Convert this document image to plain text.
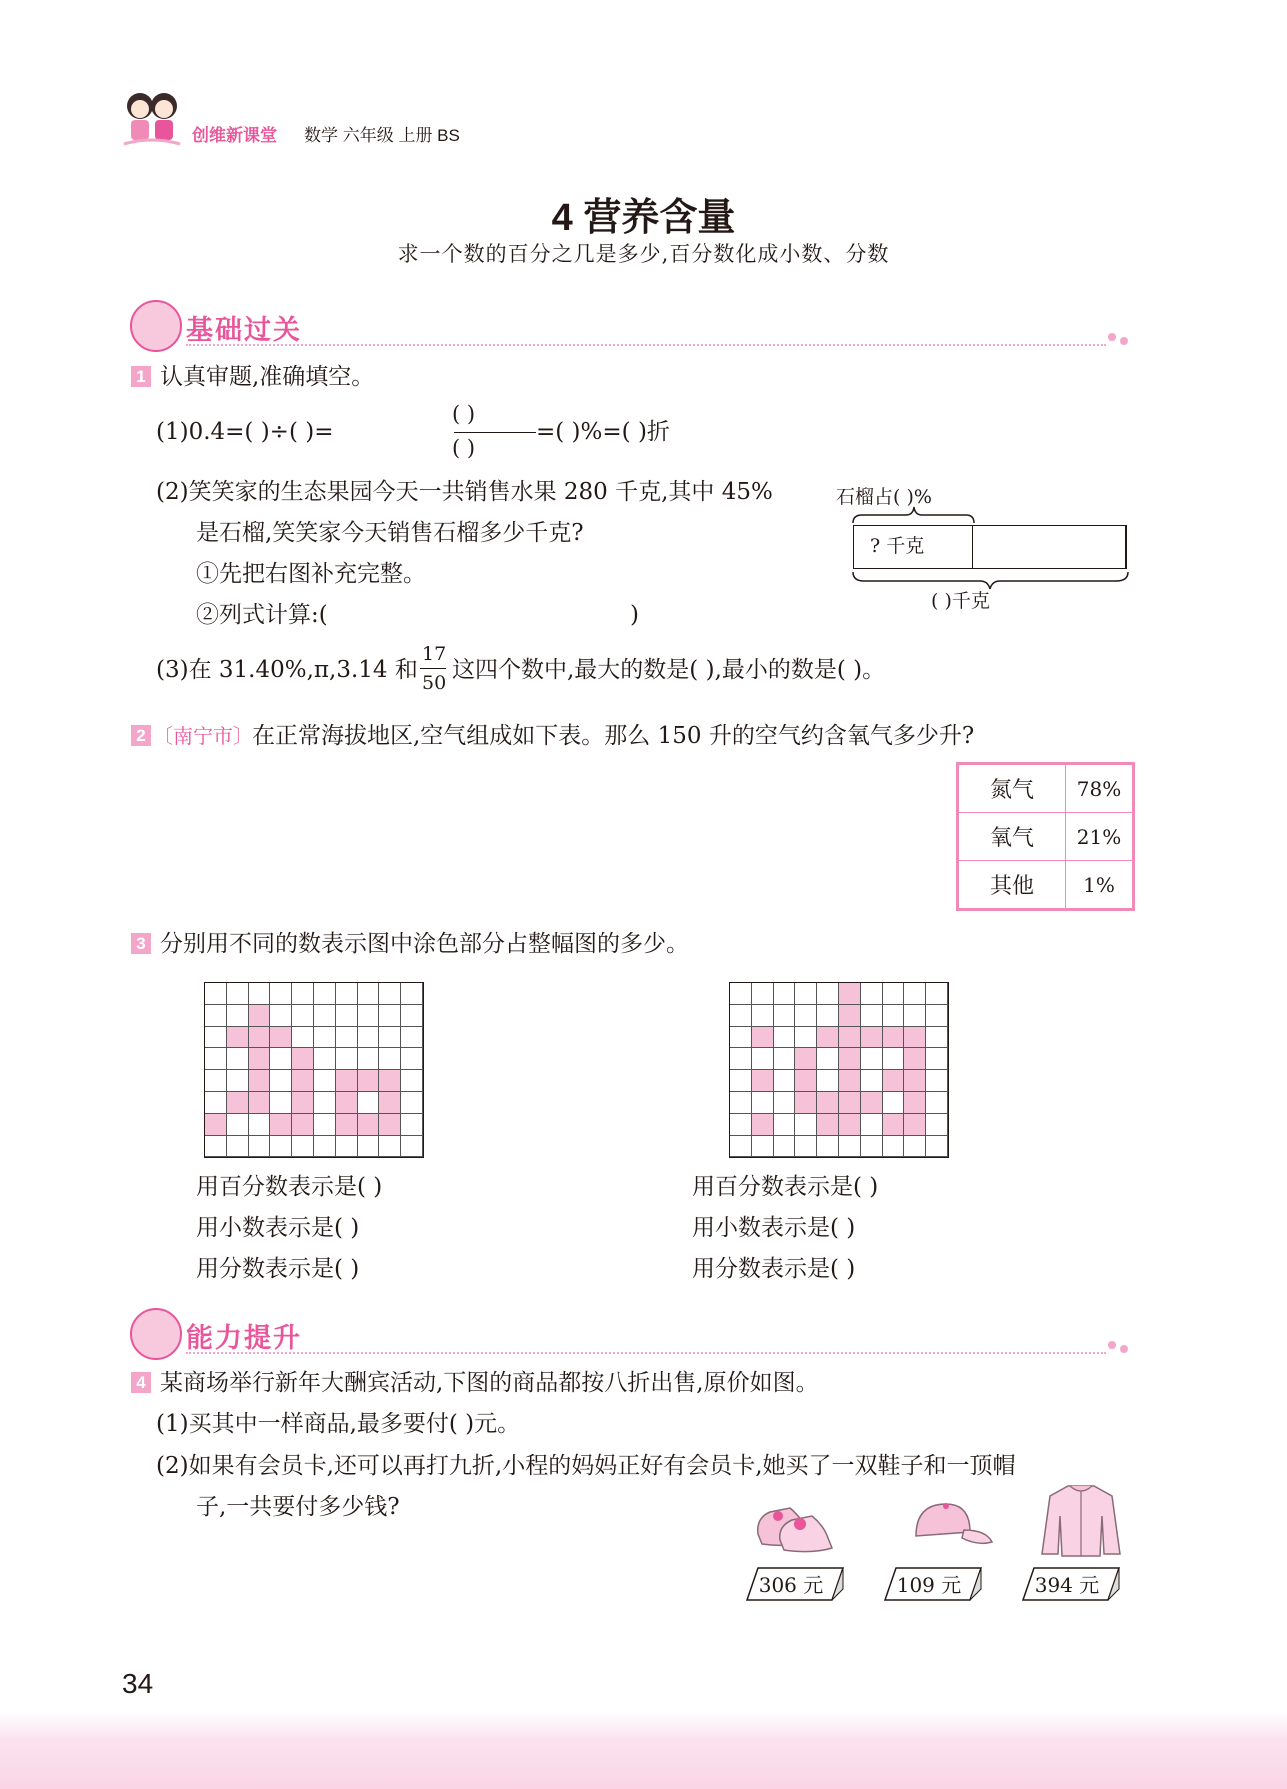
创维新课堂 数学 六年级 上册 BS
4 营养含量
求一个数的百分之几是多少,百分数化成小数、分数
基础过关
1 认真审题,准确填空。
(1)0.4=( )÷( )=
( )
( )
=( )%=( )折
(2)笑笑家的生态果园今天一共销售水果 280 千克,其中 45%
是石榴,笑笑家今天销售石榴多少千克?
①先把右图补充完整。
②列式计算:(	)
石榴占( )%
? 千克
( )千克
(3)在 31.40%,π,3.14 和
17
50 这四个数中,最大的数是( ),最小的数是( )。
2 〔南宁市〕 在正常海拔地区,空气组成如下表。那么 150 升的空气约含氧气多少升?
氮气	78%
氧气	21%
其他	1%
3 分别用不同的数表示图中涂色部分占整幅图的多少。
用百分数表示是( )
用小数表示是( )
用分数表示是( )
用百分数表示是( )
用小数表示是( )
用分数表示是( )
能力提升
4 某商场举行新年大酬宾活动,下图的商品都按八折出售,原价如图。
(1)买其中一样商品,最多要付( )元。
(2)如果有会员卡,还可以再打九折,小程的妈妈正好有会员卡,她买了一双鞋子和一顶帽
子,一共要付多少钱?
306 元	109 元	394 元
34
